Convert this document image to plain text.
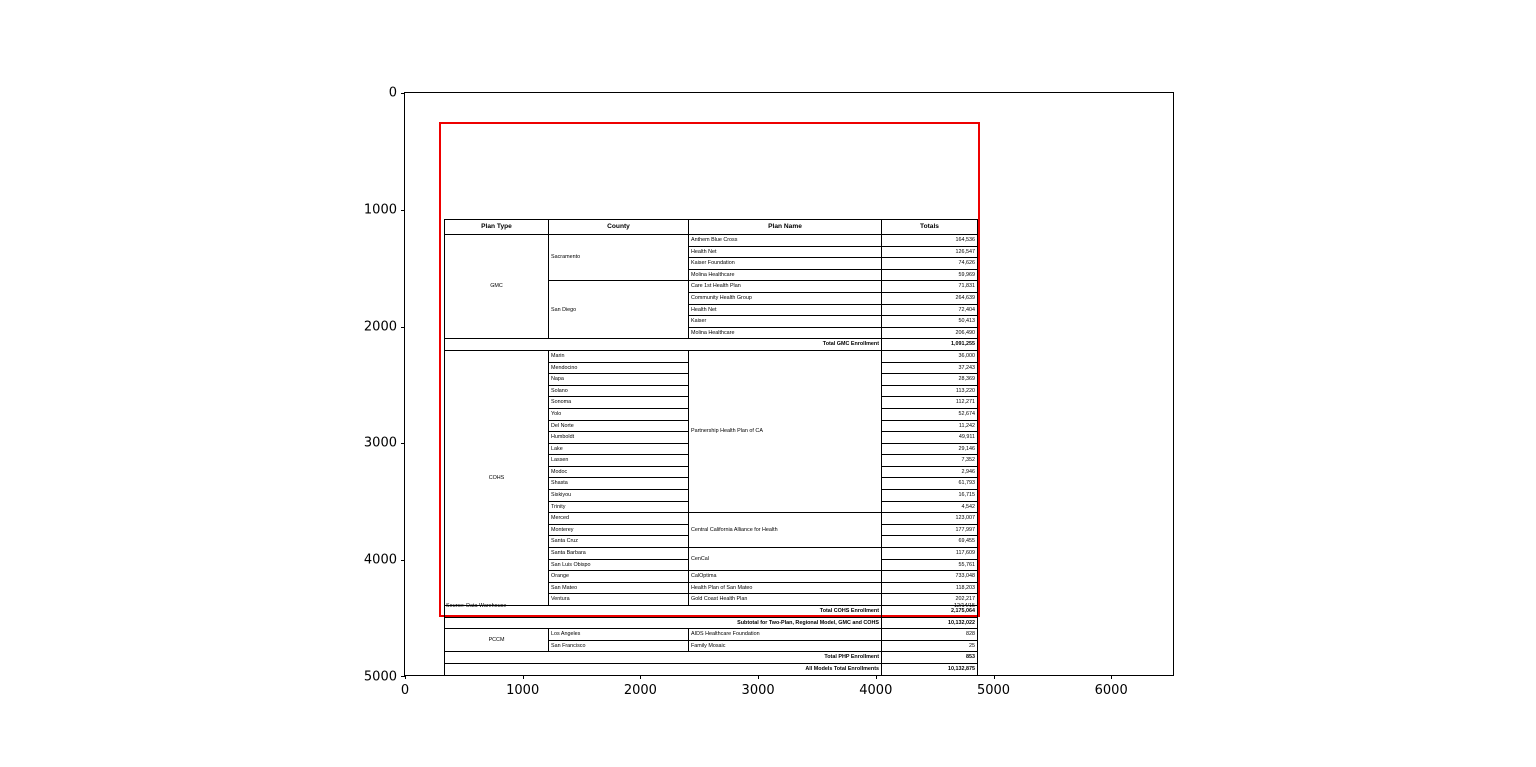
0
1000
2000
3000
4000
5000
0	1000	2000	3000	4000	5000	6000
Plan Type	County	Plan Name	Totals
GMC	Sacramento	Anthem Blue Cross	164,536
		Health Net	126,547
		Kaiser Foundation	74,626
		Molina Healthcare	59,969
	San Diego	Care 1st Health Plan	71,831
		Community Health Group	264,639
		Health Net	72,404
		Kaiser	50,413
		Molina Healthcare	206,490
Total GMC Enrollment			1,091,255
COHS	Marin	Partnership Health Plan of CA	36,000
	Mendocino		37,243
	Napa		28,369
	Solano		113,220
	Sonoma		112,271
	Yolo		52,674
	Del Norte		11,242
	Humboldt		49,911
	Lake		29,146
	Lassen		7,352
	Modoc		2,946
	Shasta		61,793
	Siskiyou		16,715
	Trinity		4,542
	Merced	Central California Alliance for Health	123,007
	Monterey		177,997
	Santa Cruz		69,455
	Santa Barbara	CenCal	117,609
	San Luis Obispo		55,761
	Orange	CalOptima	733,048
	San Mateo	Health Plan of San Mateo	118,203
	Ventura	Gold Coast Health Plan	202,217
Total COHS Enrollment			2,175,064
Subtotal for Two-Plan, Regional Model, GMC and COHS			10,132,022
PCCM	Los Angeles	AIDS Healthcare Foundation	828
	San Francisco	Family Mosaic	25
Total PHP Enrollment			853
All Models Total Enrollments			10,132,875
Source: Data Warehouse	12/14/15
